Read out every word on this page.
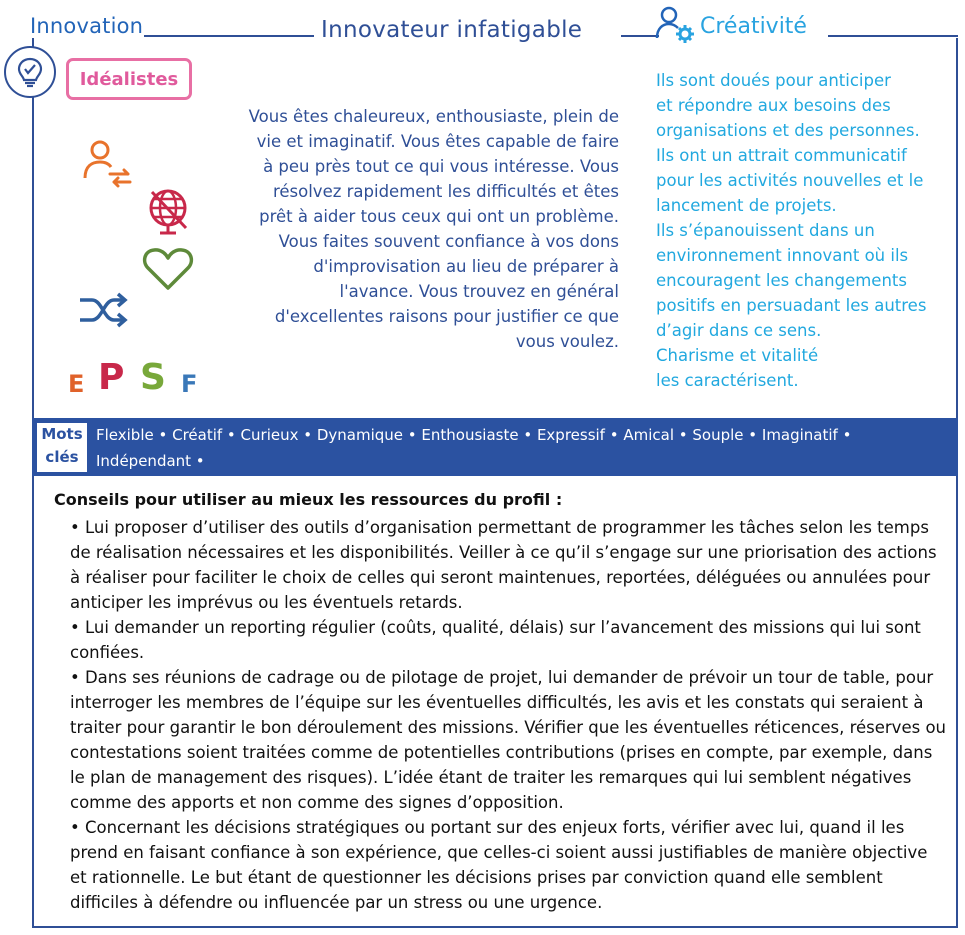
Innovation	Innovateur infatigable	Créativité
Idéalistes
E P S F
Vous êtes chaleureux, enthousiaste, plein de vie et imaginatif. Vous êtes capable de faire à peu près tout ce qui vous intéresse. Vous résolvez rapidement les difficultés et êtes prêt à aider tous ceux qui ont un problème. Vous faites souvent confiance à vos dons d'improvisation au lieu de préparer à l'avance. Vous trouvez en général d'excellentes raisons pour justifier ce que vous voulez.
Ils sont doués pour anticiper
et répondre aux besoins des
organisations et des personnes.
Ils ont un attrait communicatif
pour les activités nouvelles et le
lancement de projets.
Ils s’épanouissent dans un
environnement innovant où ils
encouragent les changements
positifs en persuadant les autres
d’agir dans ce sens.
Charisme et vitalité
les caractérisent.
Mots
clés
Flexible • Créatif • Curieux • Dynamique • Enthousiaste • Expressif • Amical • Souple • Imaginatif • Indépendant •
Inspiré • Inventif • Intuitif • Insatiable • Spontané • Bienveillant • Compréhensif • Doué • Chaleureux
Conseils pour utiliser au mieux les ressources du profil :

• Lui proposer d’utiliser des outils d’organisation permettant de programmer les tâches selon les temps de réalisation nécessaires et les disponibilités. Veiller à ce qu’il s’engage sur une priorisation des actions à réaliser pour faciliter le choix de celles qui seront maintenues, reportées, déléguées ou annulées pour anticiper les imprévus ou les éventuels retards.

• Lui demander un reporting régulier (coûts, qualité, délais) sur l’avancement des missions qui lui sont confiées.

• Dans ses réunions de cadrage ou de pilotage de projet, lui demander de prévoir un tour de table, pour interroger les membres de l’équipe sur les éventuelles difficultés, les avis et les constats qui seraient à traiter pour garantir le bon déroulement des missions. Vérifier que les éventuelles réticences, réserves ou contestations soient traitées comme de potentielles contributions (prises en compte, par exemple, dans le plan de management des risques). L’idée étant de traiter les remarques qui lui semblent négatives comme des apports et non comme des signes d’opposition.

• Concernant les décisions stratégiques ou portant sur des enjeux forts, vérifier avec lui, quand il les prend en faisant confiance à son expérience, que celles-ci soient aussi justifiables de manière objective et rationnelle. Le but étant de questionner les décisions prises par conviction quand elle semblent difficiles à défendre ou influencée par un stress ou une urgence.
